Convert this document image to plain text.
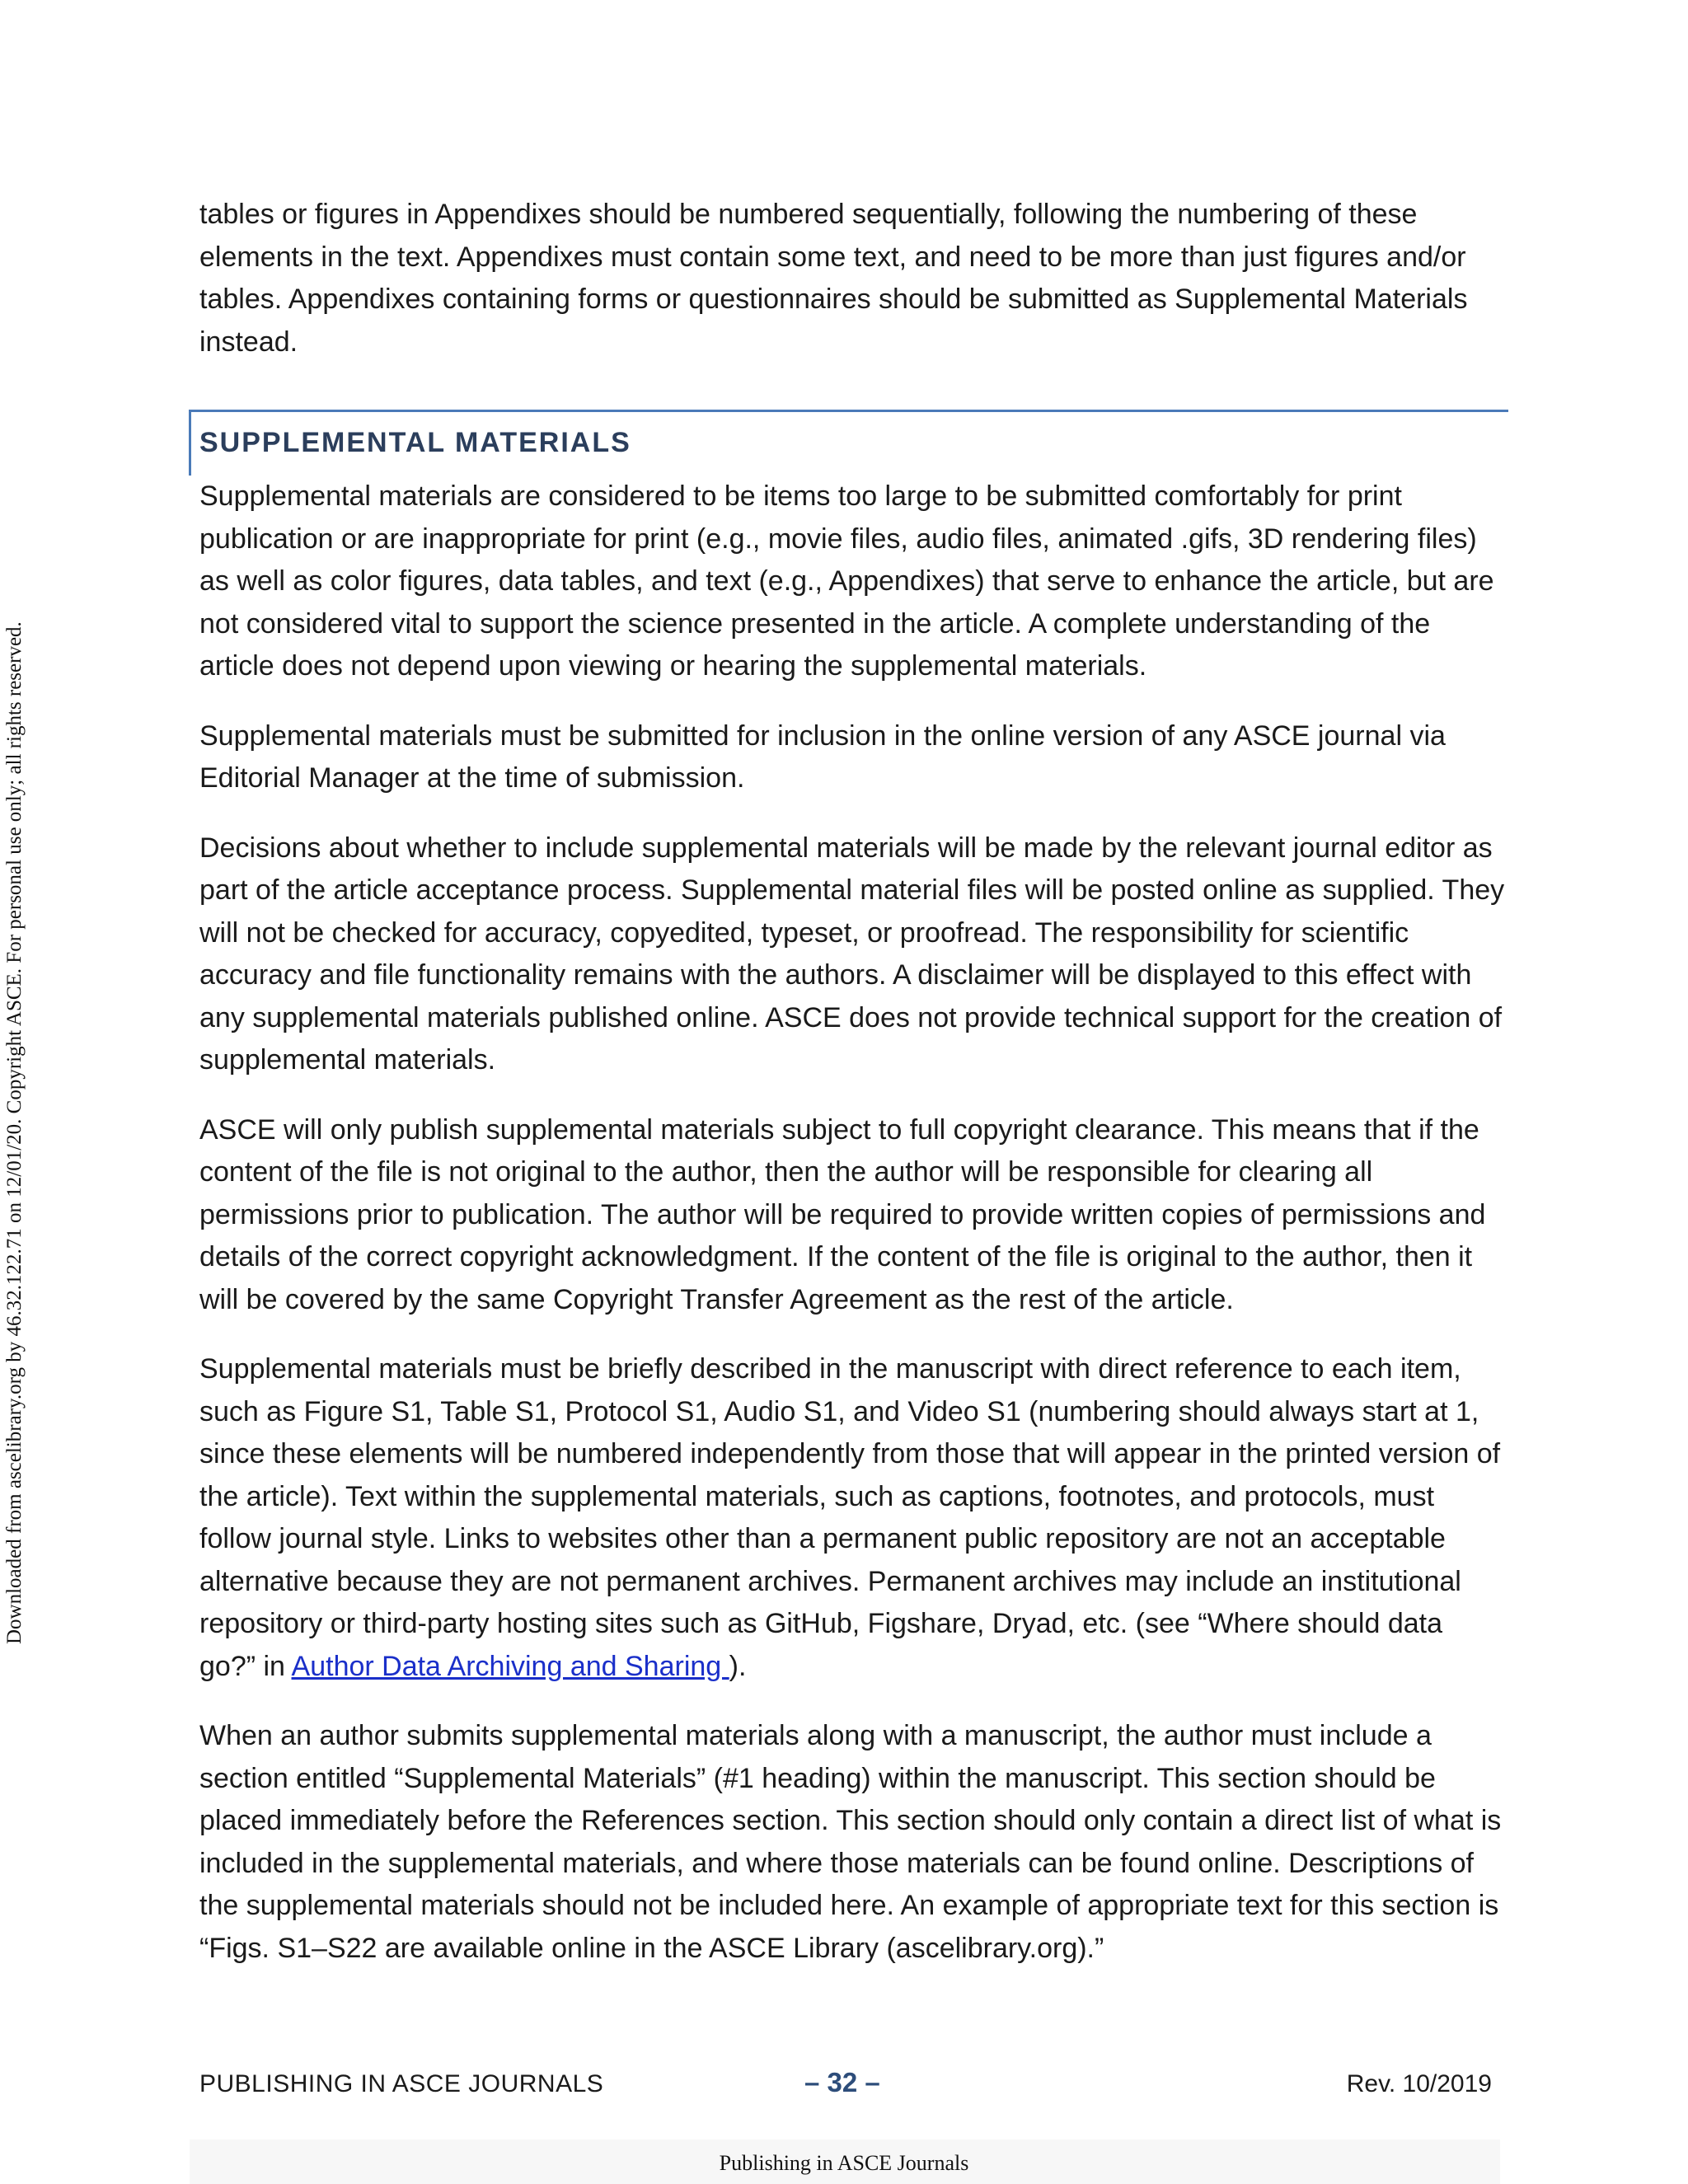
Downloaded from ascelibrary.org by 46.32.122.71 on 12/01/20. Copyright ASCE. For personal use only; all rights reserved.

tables or figures in Appendixes should be numbered sequentially, following the numbering of these elements in the text. Appendixes must contain some text, and need to be more than just figures and/or tables. Appendixes containing forms or questionnaires should be submitted as Supplemental Materials instead.

SUPPLEMENTAL MATERIALS

Supplemental materials are considered to be items too large to be submitted comfortably for print publication or are inappropriate for print (e.g., movie files, audio files, animated .gifs, 3D rendering files) as well as color figures, data tables, and text (e.g., Appendixes) that serve to enhance the article, but are not considered vital to support the science presented in the article. A complete understanding of the article does not depend upon viewing or hearing the supplemental materials.

Supplemental materials must be submitted for inclusion in the online version of any ASCE journal via Editorial Manager at the time of submission.

Decisions about whether to include supplemental materials will be made by the relevant journal editor as part of the article acceptance process. Supplemental material files will be posted online as supplied. They will not be checked for accuracy, copyedited, typeset, or proofread. The responsibility for scientific accuracy and file functionality remains with the authors. A disclaimer will be displayed to this effect with any supplemental materials published online. ASCE does not provide technical support for the creation of supplemental materials.

ASCE will only publish supplemental materials subject to full copyright clearance. This means that if the content of the file is not original to the author, then the author will be responsible for clearing all permissions prior to publication. The author will be required to provide written copies of permissions and details of the correct copyright acknowledgment. If the content of the file is original to the author, then it will be covered by the same Copyright Transfer Agreement as the rest of the article.

Supplemental materials must be briefly described in the manuscript with direct reference to each item, such as Figure S1, Table S1, Protocol S1, Audio S1, and Video S1 (numbering should always start at 1, since these elements will be numbered independently from those that will appear in the printed version of the article). Text within the supplemental materials, such as captions, footnotes, and protocols, must follow journal style. Links to websites other than a permanent public repository are not an acceptable alternative because they are not permanent archives. Permanent archives may include an institutional repository or third-party hosting sites such as GitHub, Figshare, Dryad, etc. (see “Where should data go?” in Author Data Archiving and Sharing ).

When an author submits supplemental materials along with a manuscript, the author must include a section entitled “Supplemental Materials” (#1 heading) within the manuscript. This section should be placed immediately before the References section. This section should only contain a direct list of what is included in the supplemental materials, and where those materials can be found online. Descriptions of the supplemental materials should not be included here. An example of appropriate text for this section is “Figs. S1–S22 are available online in the ASCE Library (ascelibrary.org).”

PUBLISHING IN ASCE JOURNALS	– 32 –	Rev. 10/2019
Publishing in ASCE Journals
